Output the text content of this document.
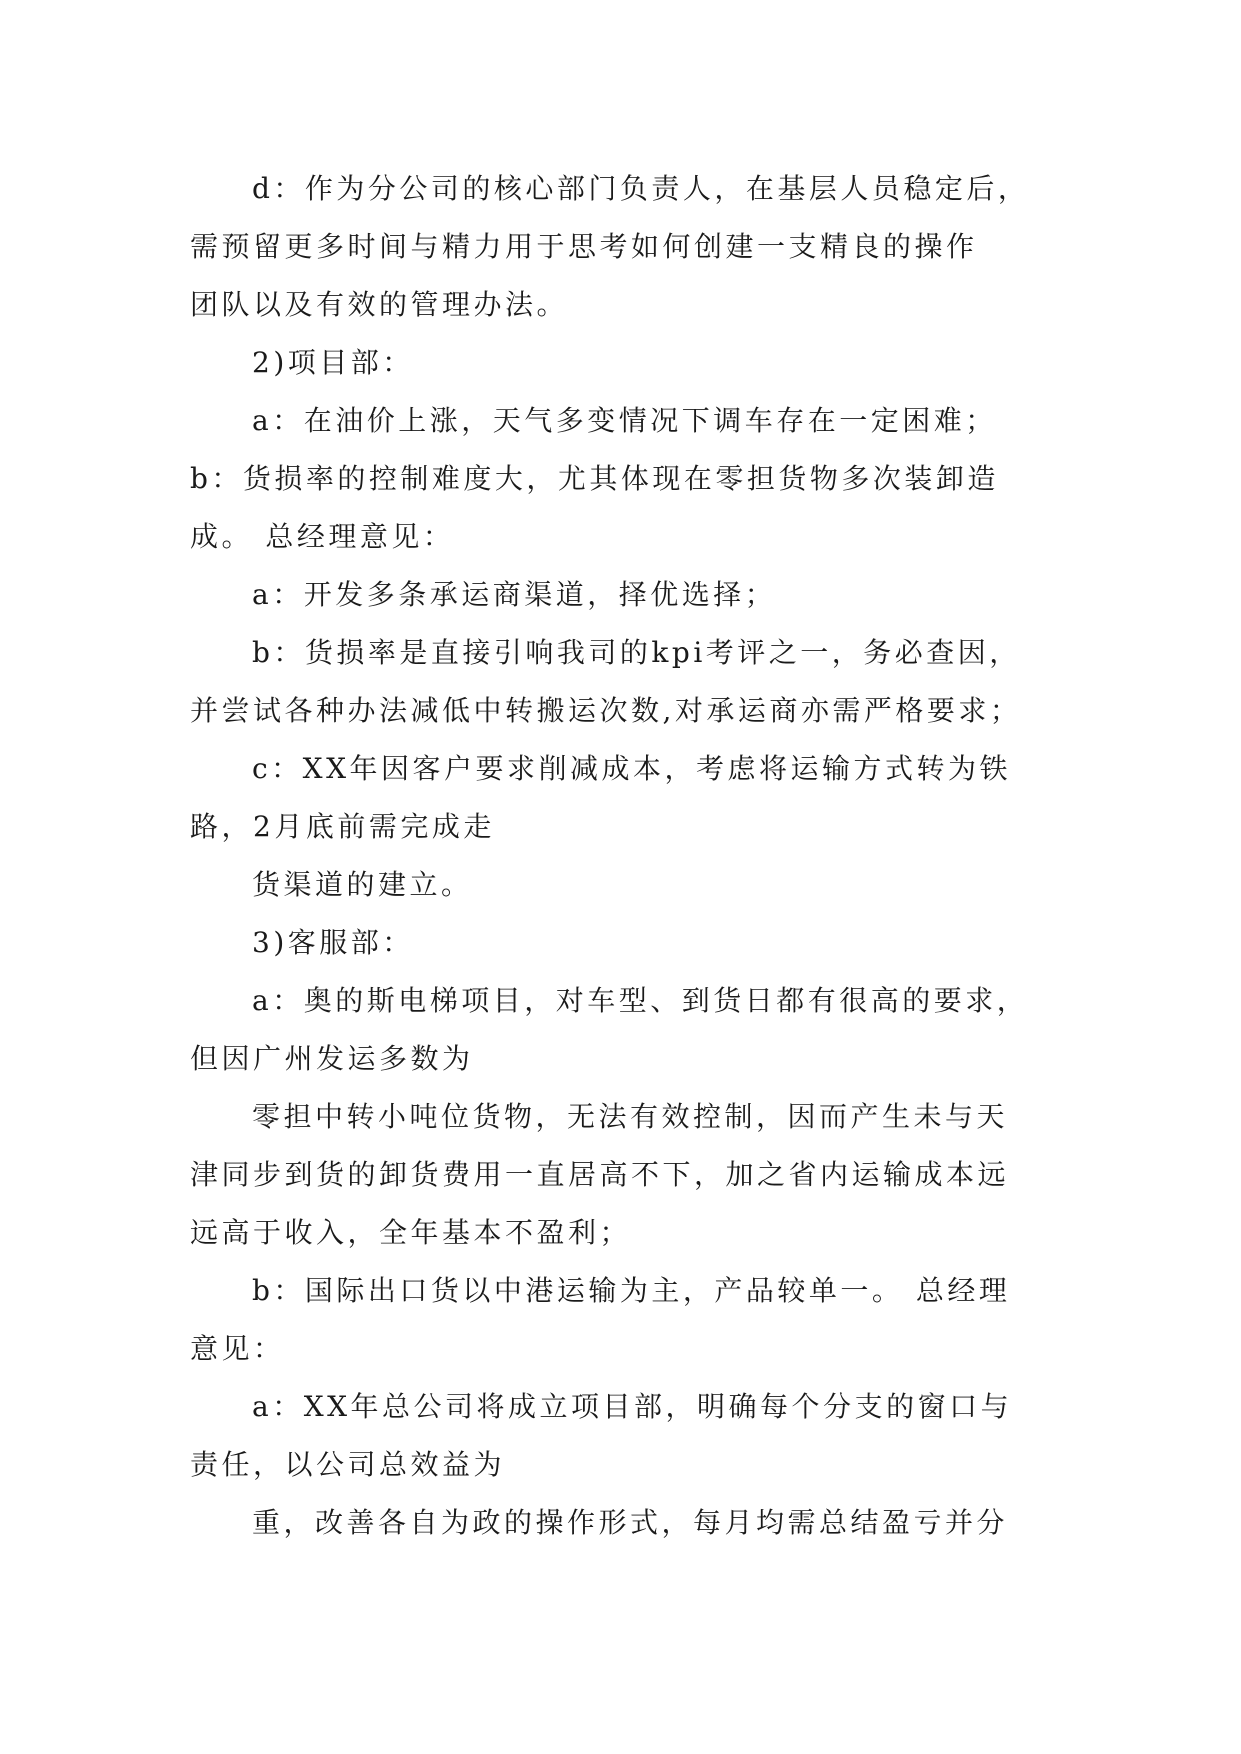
d：作为分公司的核心部门负责人，在基层人员稳定后，
需预留更多时间与精力用于思考如何创建一支精良的操作
团队以及有效的管理办法。
2)项目部：
a：在油价上涨，天气多变情况下调车存在一定困难；
b：货损率的控制难度大，尤其体现在零担货物多次装卸造
成。 总经理意见：
a：开发多条承运商渠道，择优选择；
b：货损率是直接引响我司的kpi考评之一，务必查因，
并尝试各种办法减低中转搬运次数,对承运商亦需严格要求；
c：XX年因客户要求削减成本，考虑将运输方式转为铁
路，2月底前需完成走
货渠道的建立。
3)客服部：
a：奥的斯电梯项目，对车型、到货日都有很高的要求，
但因广州发运多数为
零担中转小吨位货物，无法有效控制，因而产生未与天
津同步到货的卸货费用一直居高不下，加之省内运输成本远
远高于收入，全年基本不盈利；
b：国际出口货以中港运输为主，产品较单一。 总经理
意见：
a：XX年总公司将成立项目部，明确每个分支的窗口与
责任，以公司总效益为
重，改善各自为政的操作形式，每月均需总结盈亏并分
